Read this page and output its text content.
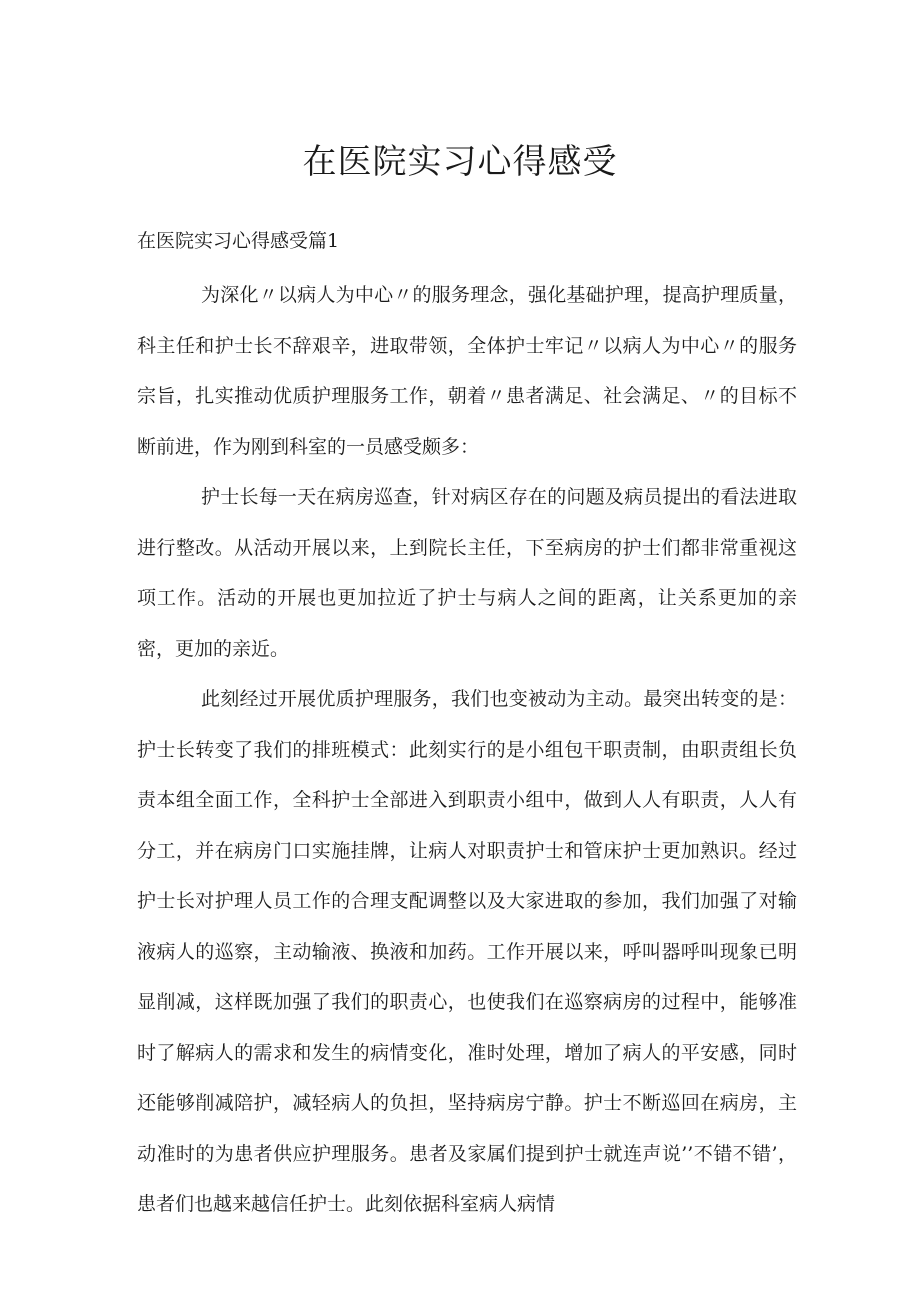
在医院实习心得感受
在医院实习心得感受篇1

为深化〃以病人为中心〃的服务理念，强化基础护理，提高护理质量，科主任和护士长不辞艰辛，进取带领，全体护士牢记〃以病人为中心〃的服务宗旨，扎实推动优质护理服务工作，朝着〃患者满足、社会满足、〃的目标不断前进，作为刚到科室的一员感受颇多：

护士长每一天在病房巡查，针对病区存在的问题及病员提出的看法进取进行整改。从活动开展以来，上到院长主任，下至病房的护士们都非常重视这项工作。活动的开展也更加拉近了护士与病人之间的距离，让关系更加的亲密，更加的亲近。

此刻经过开展优质护理服务，我们也变被动为主动。最突出转变的是：护士长转变了我们的排班模式：此刻实行的是小组包干职责制，由职责组长负责本组全面工作，全科护士全部进入到职责小组中，做到人人有职责，人人有分工，并在病房门口实施挂牌，让病人对职责护士和管床护士更加熟识。经过护士长对护理人员工作的合理支配调整以及大家进取的参加，我们加强了对输液病人的巡察，主动输液、换液和加药。工作开展以来，呼叫器呼叫现象已明显削减，这样既加强了我们的职责心，也使我们在巡察病房的过程中，能够准时了解病人的需求和发生的病情变化，准时处理，增加了病人的平安感，同时还能够削减陪护，减轻病人的负担，坚持病房宁静。护士不断巡回在病房，主动准时的为患者供应护理服务。患者及家属们提到护士就连声说’’不错不错’，患者们也越来越信任护士。此刻依据科室病人病情
